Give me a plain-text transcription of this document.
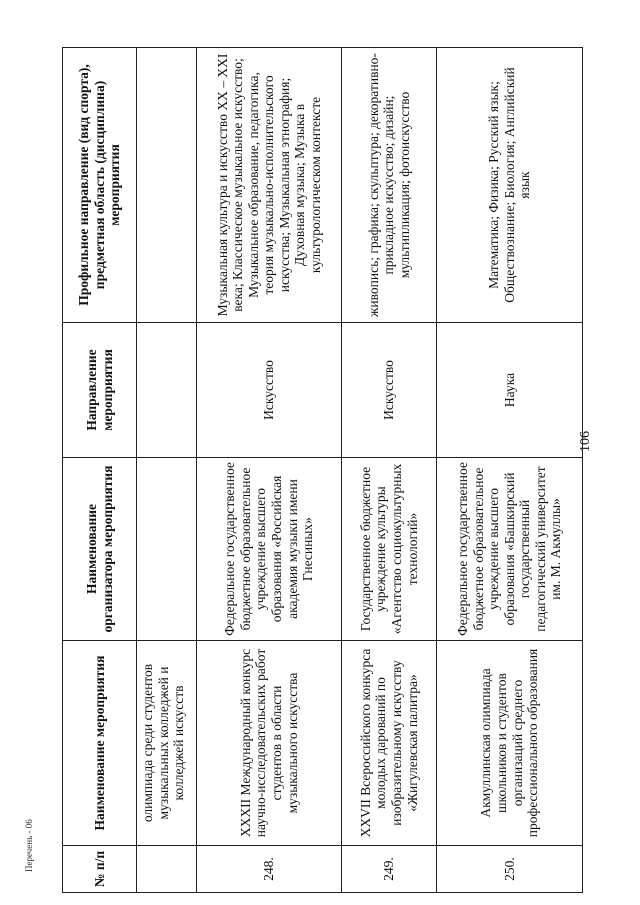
106
№ п/п	Наименование мероприятия	Наименование организатора мероприятия	Направление мероприятия	Профильное направление (вид спорта), предметная область (дисциплина) мероприятия
	олимпиада среди студентов музыкальных колледжей и колледжей искусств			
248.	XXXII Международный конкурс научно-исследовательских работ студентов в области музыкального искусства	Федеральное государственное бюджетное образовательное учреждение высшего образования «Российская академия музыки имени Гнесиных»	Искусство	Музыкальная культура и искусство XX – XXI века; Классическое музыкальное искусство; Музыкальное образование, педагогика, теория музыкально-исполнительского искусства; Музыкальная этнография; Духовная музыка; Музыка в культурологическом контексте
249.	XXVII Всероссийского конкурса молодых дарований по изобразительному искусству «Жигулевская палитра»	Государственное бюджетное учреждение культуры «Агентство социокультурных технологий»	Искусство	живопись; графика; скульптура; декоративно-прикладное искусство; дизайн; мультипликация; фотоискусство
250.	Акмуллинская олимпиада школьников и студентов организаций среднего профессионального образования	Федеральное государственное бюджетное образовательное учреждение высшего образования «Башкирский государственный педагогический университет им. М. Акмуллы»	Наука	Математика; Физика; Русский язык; Обществознание; Биология; Английский язык
Перечень - 06
